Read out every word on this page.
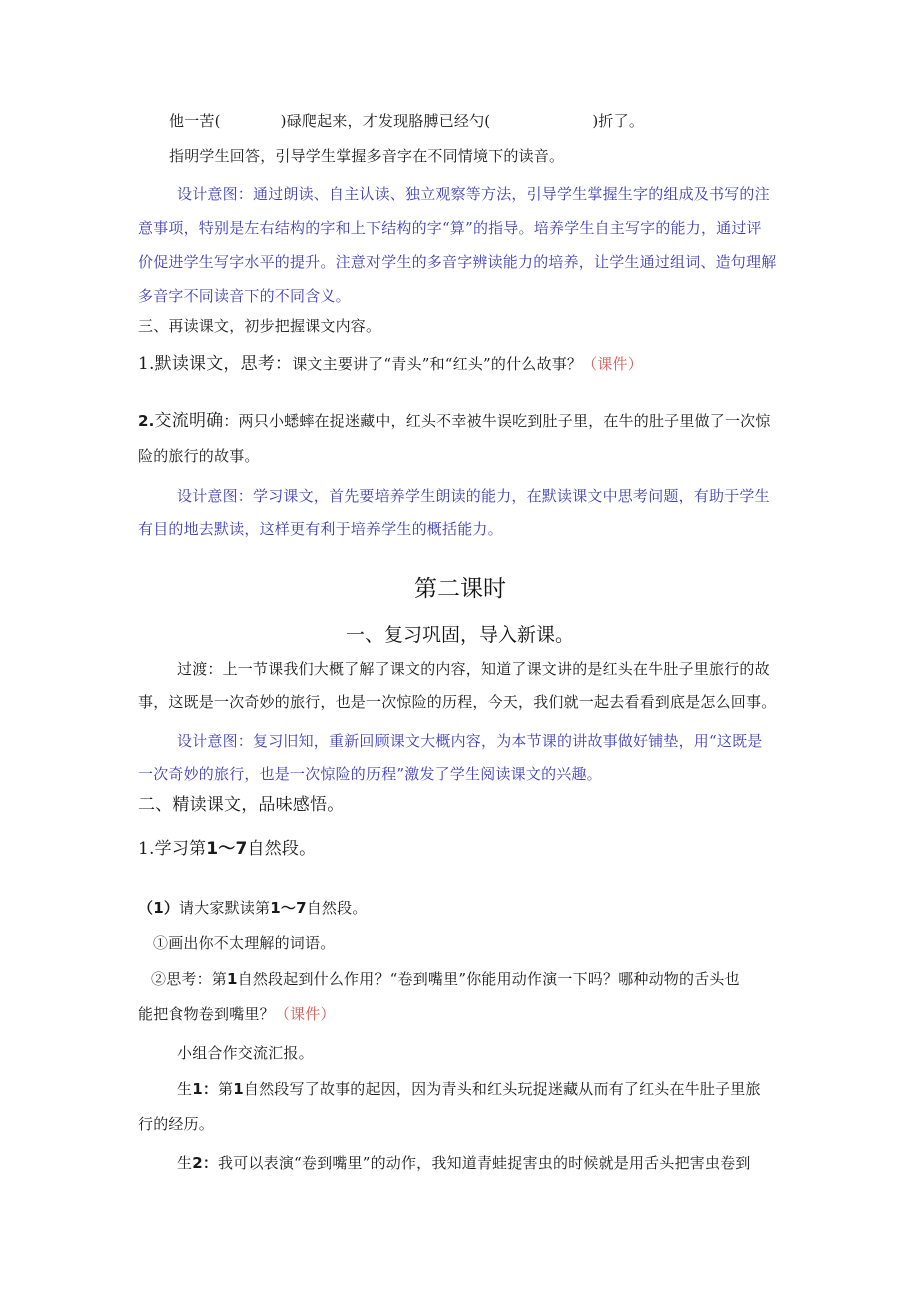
他一苦(	)碌爬起来，才发现胳膊已经勺(	)折了。
指明学生回答，引导学生掌握多音字在不同情境下的读音。
设计意图：通过朗读、自主认读、独立观察等方法，引导学生掌握生字的组成及书写的注
意事项，特别是左右结构的字和上下结构的字“算”的指导。培养学生自主写字的能力，通过评
价促进学生写字水平的提升。注意对学生的多音字辨读能力的培养，让学生通过组词、造句理解
多音字不同读音下的不同含义。
三、再读课文，初步把握课文内容。
1.默读课文，思考：课文主要讲了“青头”和“红头”的什么故事？（课件）
2.交流明确：两只小蟋蟀在捉迷藏中，红头不幸被牛误吃到肚子里，在牛的肚子里做了一次惊
险的旅行的故事。
设计意图：学习课文，首先要培养学生朗读的能力，在默读课文中思考问题，有助于学生
有目的地去默读，这样更有利于培养学生的概括能力。
第二课时
一、复习巩固，导入新课。
过渡：上一节课我们大概了解了课文的内容，知道了课文讲的是红头在牛肚子里旅行的故
事，这既是一次奇妙的旅行，也是一次惊险的历程，今天，我们就一起去看看到底是怎么回事。
设计意图：复习旧知，重新回顾课文大概内容，为本节课的讲故事做好铺垫，用“这既是
一次奇妙的旅行，也是一次惊险的历程”激发了学生阅读课文的兴趣。
二、精读课文，品味感悟。
1.学习第1～7自然段。
（1）请大家默读第1～7自然段。
①画出你不太理解的词语。
②思考：第1自然段起到什么作用？“卷到嘴里”你能用动作演一下吗？哪种动物的舌头也
能把食物卷到嘴里？（课件）
小组合作交流汇报。
生1：第1自然段写了故事的起因，因为青头和红头玩捉迷藏从而有了红头在牛肚子里旅
行的经历。
生2：我可以表演“卷到嘴里”的动作，我知道青蛙捉害虫的时候就是用舌头把害虫卷到
